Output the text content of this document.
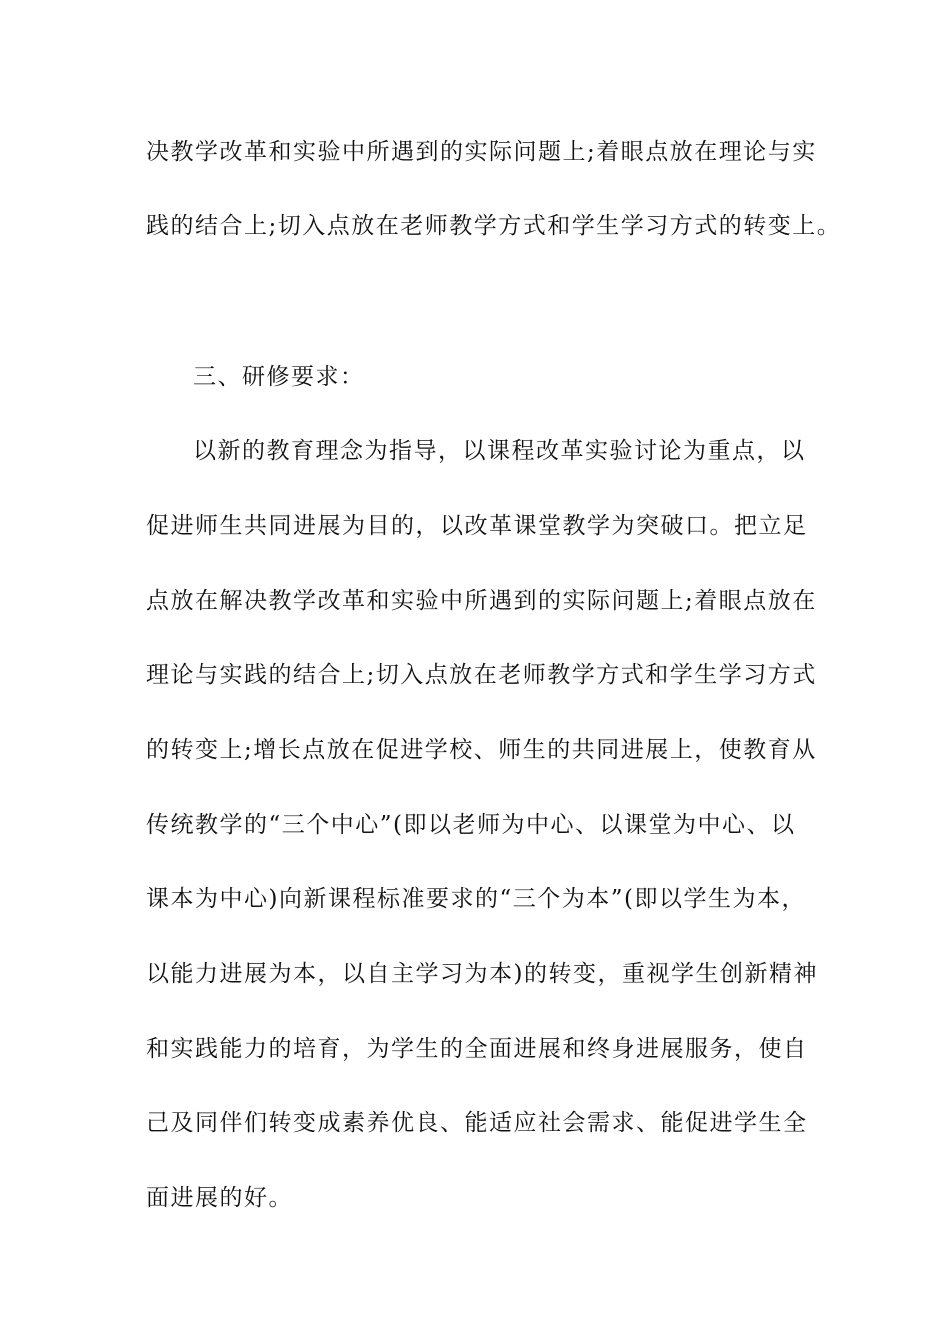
决教学改革和实验中所遇到的实际问题上;着眼点放在理论与实
践的结合上;切入点放在老师教学方式和学生学习方式的转变上。
三、研修要求：
以新的教育理念为指导，以课程改革实验讨论为重点，以
促进师生共同进展为目的，以改革课堂教学为突破口。把立足
点放在解决教学改革和实验中所遇到的实际问题上;着眼点放在
理论与实践的结合上;切入点放在老师教学方式和学生学习方式
的转变上;增长点放在促进学校、师生的共同进展上，使教育从
传统教学的“三个中心”(即以老师为中心、以课堂为中心、以
课本为中心)向新课程标准要求的“三个为本”(即以学生为本，
以能力进展为本，以自主学习为本)的转变，重视学生创新精神
和实践能力的培育，为学生的全面进展和终身进展服务，使自
己及同伴们转变成素养优良、能适应社会需求、能促进学生全
面进展的好。
